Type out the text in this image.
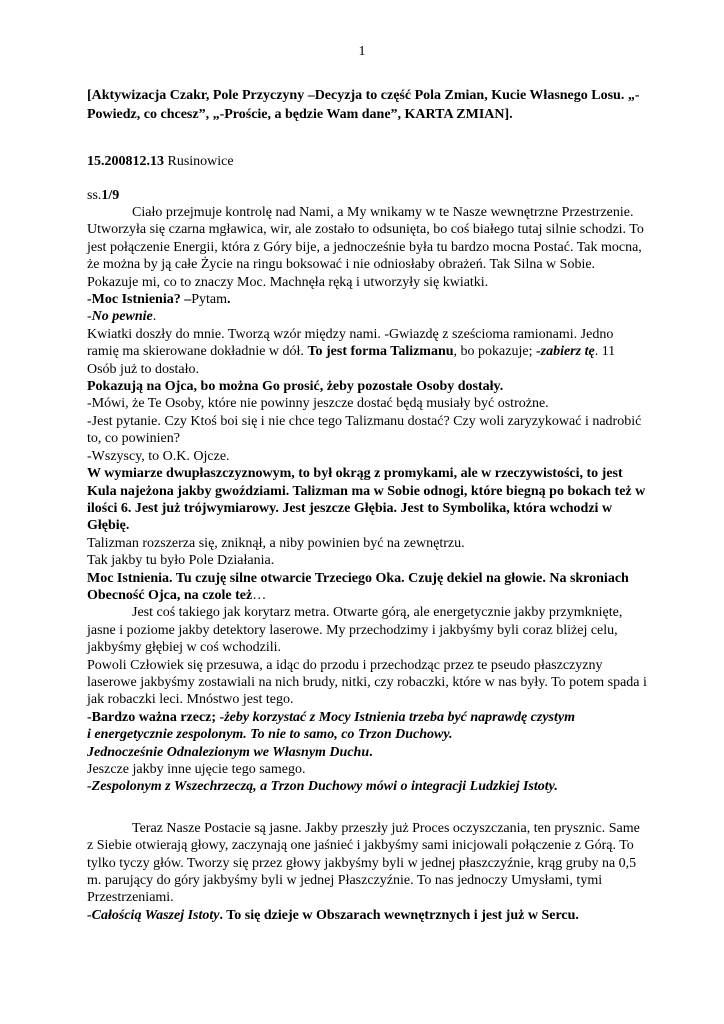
1
[Aktywizacja Czakr, Pole Przyczyny –Decyzja to część Pola Zmian, Kucie Własnego Losu. „-Powiedz, co chcesz”, „-Proście, a będzie Wam dane”, KARTA ZMIAN].
15.200812.13 Rusinowice
ss.1/9

Ciało przejmuje kontrolę nad Nami, a My wnikamy w te Nasze wewnętrzne Przestrzenie.

Utworzyła się czarna mgławica, wir, ale zostało to odsunięta, bo coś białego tutaj silnie schodzi. To jest połączenie Energii, która z Góry bije, a jednocześnie była tu bardzo mocna Postać. Tak mocna, że można by ją całe Życie na ringu boksować i nie odniosłaby obrażeń. Tak Silna w Sobie. Pokazuje mi, co to znaczy Moc. Machnęła ręką i utworzyły się kwiatki.

-Moc Istnienia? –Pytam.

-No pewnie.

Kwiatki doszły do mnie. Tworzą wzór między nami. -Gwiazdę z sześcioma ramionami. Jedno ramię ma skierowane dokładnie w dół. To jest forma Talizmanu, bo pokazuje; -zabierz tę. 11 Osób już to dostało.

Pokazują na Ojca, bo można Go prosić, żeby pozostałe Osoby dostały.

-Mówi, że Te Osoby, które nie powinny jeszcze dostać będą musiały być ostrożne.

-Jest pytanie. Czy Ktoś boi się i nie chce tego Talizmanu dostać? Czy woli zaryzykować i nadrobić to, co powinien?

-Wszyscy, to O.K. Ojcze.

W wymiarze dwupłaszczyznowym, to był okrąg z promykami, ale w rzeczywistości, to jest Kula najeżona jakby gwoździami. Talizman ma w Sobie odnogi, które biegną po bokach też w ilości 6. Jest już trójwymiarowy. Jest jeszcze Głębia. Jest to Symbolika, która wchodzi w Głębię.

Talizman rozszerza się, zniknął, a niby powinien być na zewnętrzu.

Tak jakby tu było Pole Działania.

Moc Istnienia. Tu czuję silne otwarcie Trzeciego Oka. Czuję dekiel na głowie. Na skroniach Obecność Ojca, na czole też…

Jest coś takiego jak korytarz metra. Otwarte górą, ale energetycznie jakby przymknięte, jasne i poziome jakby detektory laserowe. My przechodzimy i jakbyśmy byli coraz bliżej celu, jakbyśmy głębiej w coś wchodzili.

Powoli Człowiek się przesuwa, a idąc do przodu i przechodząc przez te pseudo płaszczyzny laserowe jakbyśmy zostawiali na nich brudy, nitki, czy robaczki, które w nas były. To potem spada i jak robaczki leci. Mnóstwo jest tego.

-Bardzo ważna rzecz; -żeby korzystać z Mocy Istnienia trzeba być naprawdę czystym

i energetycznie zespolonym. To nie to samo, co Trzon Duchowy.

Jednocześnie Odnalezionym we Własnym Duchu.

Jeszcze jakby inne ujęcie tego samego.

-Zespolonym z Wszechrzeczą, a Trzon Duchowy mówi o integracji Ludzkiej Istoty.

Teraz Nasze Postacie są jasne. Jakby przeszły już Proces oczyszczania, ten prysznic. Same z Siebie otwierają głowy, zaczynają one jaśnieć i jakbyśmy sami inicjowali połączenie z Górą. To tylko tyczy głów. Tworzy się przez głowy jakbyśmy byli w jednej płaszczyźnie, krąg gruby na 0,5 m. parujący do góry jakbyśmy byli w jednej Płaszczyźnie. To nas jednoczy Umysłami, tymi Przestrzeniami.

-Całością Waszej Istoty. To się dzieje w Obszarach wewnętrznych i jest już w Sercu.
